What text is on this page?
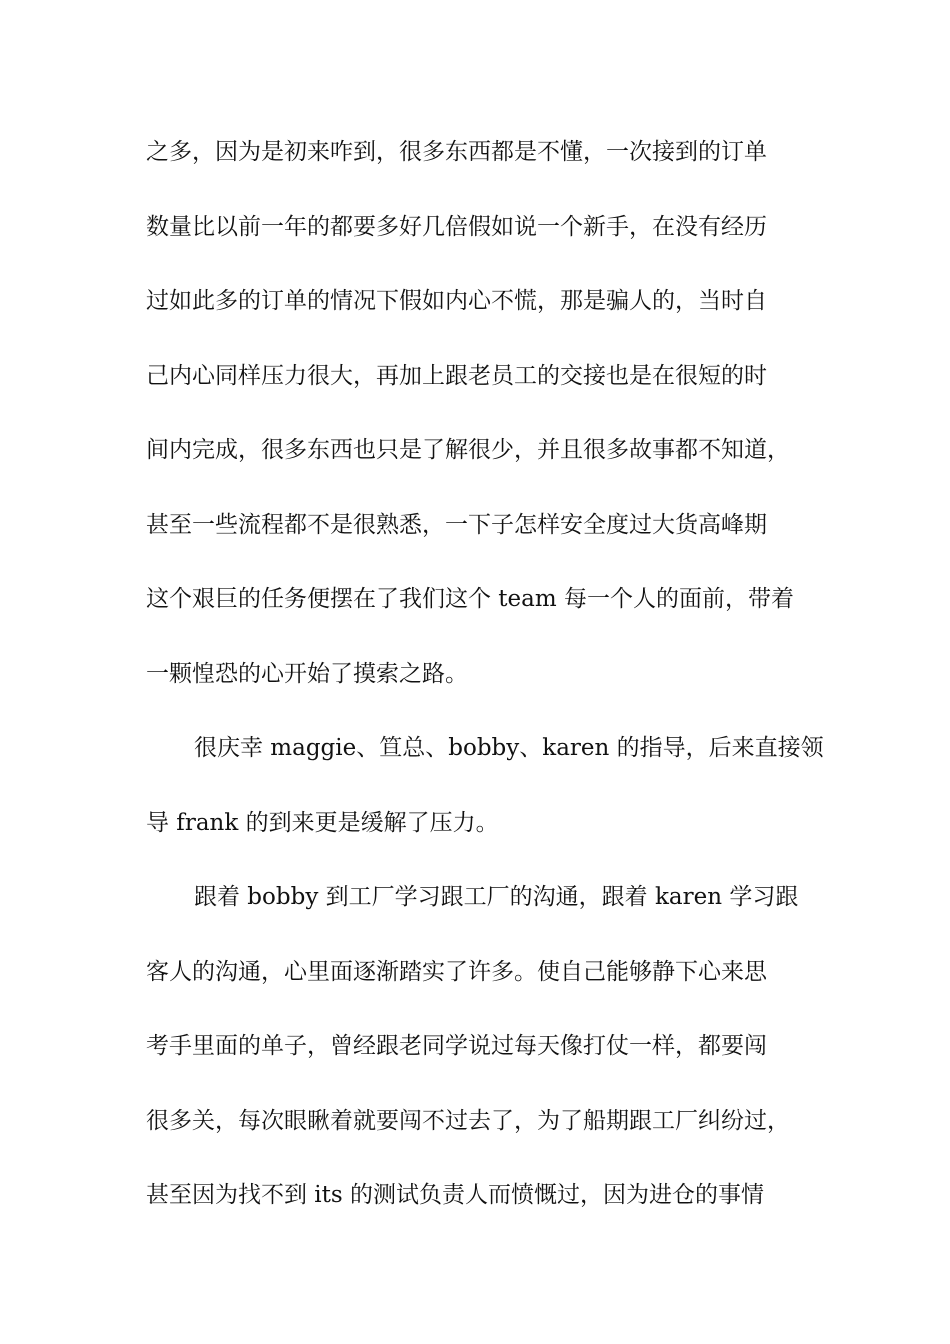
之多，因为是初来咋到，很多东西都是不懂，一次接到的订单
数量比以前一年的都要多好几倍假如说一个新手，在没有经历
过如此多的订单的情况下假如内心不慌，那是骗人的，当时自
己内心同样压力很大，再加上跟老员工的交接也是在很短的时
间内完成，很多东西也只是了解很少，并且很多故事都不知道，
甚至一些流程都不是很熟悉，一下子怎样安全度过大货高峰期
这个艰巨的任务便摆在了我们这个 team 每一个人的面前，带着
一颗惶恐的心开始了摸索之路。
很庆幸 maggie、笪总、bobby、karen 的指导，后来直接领
导 frank 的到来更是缓解了压力。
跟着 bobby 到工厂学习跟工厂的沟通，跟着 karen 学习跟
客人的沟通，心里面逐渐踏实了许多。使自己能够静下心来思
考手里面的单子，曾经跟老同学说过每天像打仗一样，都要闯
很多关，每次眼瞅着就要闯不过去了，为了船期跟工厂纠纷过，
甚至因为找不到 its 的测试负责人而愤慨过，因为进仓的事情
